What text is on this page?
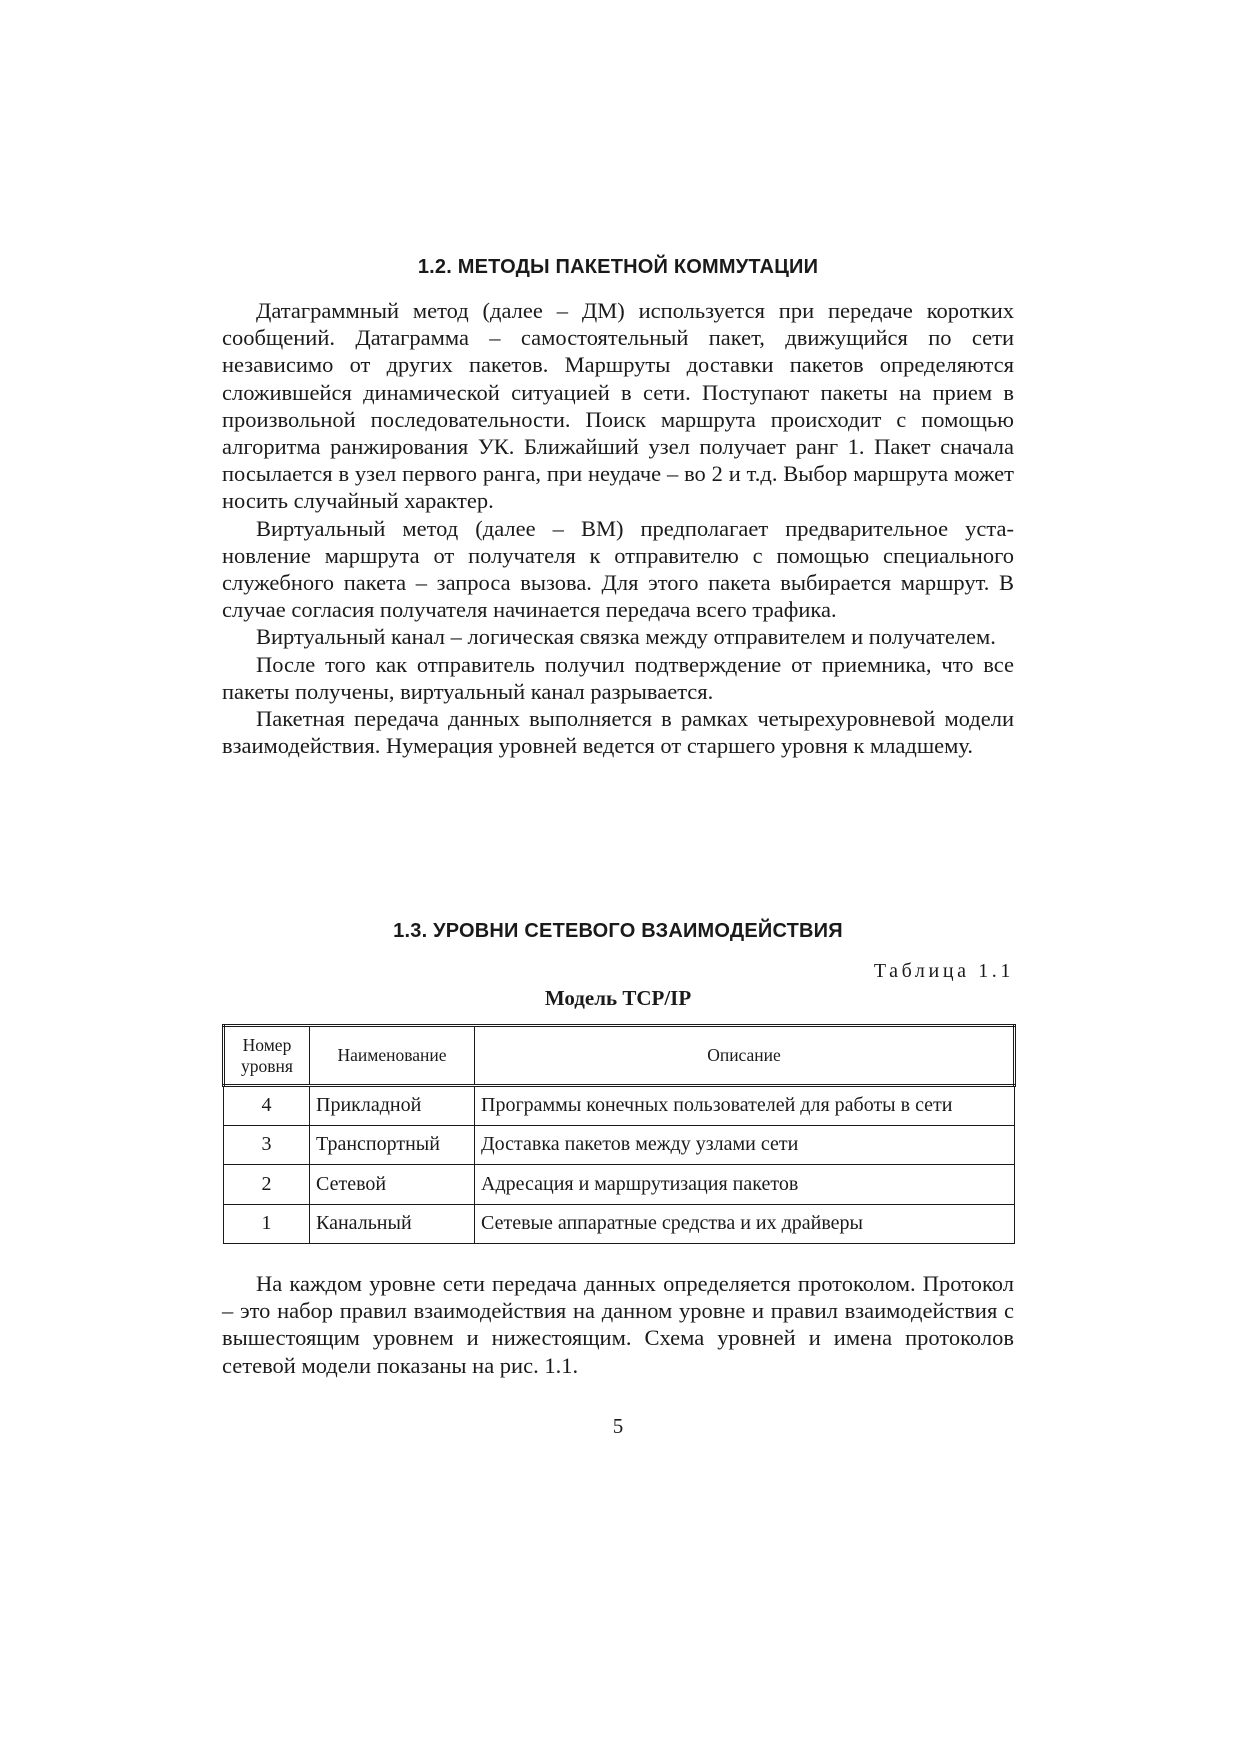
1.2. МЕТОДЫ ПАКЕТНОЙ КОММУТАЦИИ

Датаграммный метод (далее – ДМ) используется при передаче коротких сообщений. Датаграмма – самостоятельный пакет, движущийся по сети независимо от других пакетов. Маршруты доставки пакетов определяются сложившейся динамической ситуацией в сети. Поступают пакеты на прием в произвольной последовательности. Поиск маршрута происходит с помощью алгоритма ранжирования УК. Ближайший узел получает ранг 1. Пакет сначала посылается в узел первого ранга, при неудаче – во 2 и т.д. Выбор маршрута может носить случайный характер.

Виртуальный метод (далее – ВМ) предполагает предварительное установление маршрута от получателя к отправителю с помощью специального служебного пакета – запроса вызова. Для этого пакета выбирается маршрут. В случае согласия получателя начинается передача всего трафика.

Виртуальный канал – логическая связка между отправителем и получателем.

После того как отправитель получил подтверждение от приемника, что все пакеты получены, виртуальный канал разрывается.

Пакетная передача данных выполняется в рамках четырехуровневой модели взаимодействия. Нумерация уровней ведется от старшего уровня к младшему.

1.3. УРОВНИ СЕТЕВОГО ВЗАИМОДЕЙСТВИЯ
Таблица 1.1
Модель TCP/IP
Номер уровня	Наименование	Описание
4	Прикладной	Программы конечных пользователей для работы в сети
3	Транспортный	Доставка пакетов между узлами сети
2	Сетевой	Адресация и маршрутизация пакетов
1	Канальный	Сетевые аппаратные средства и их драйверы

На каждом уровне сети передача данных определяется протоколом. Протокол – это набор правил взаимодействия на данном уровне и правил взаимодействия с вышестоящим уровнем и нижестоящим. Схема уровней и имена протоколов сетевой модели показаны на рис. 1.1.

5
